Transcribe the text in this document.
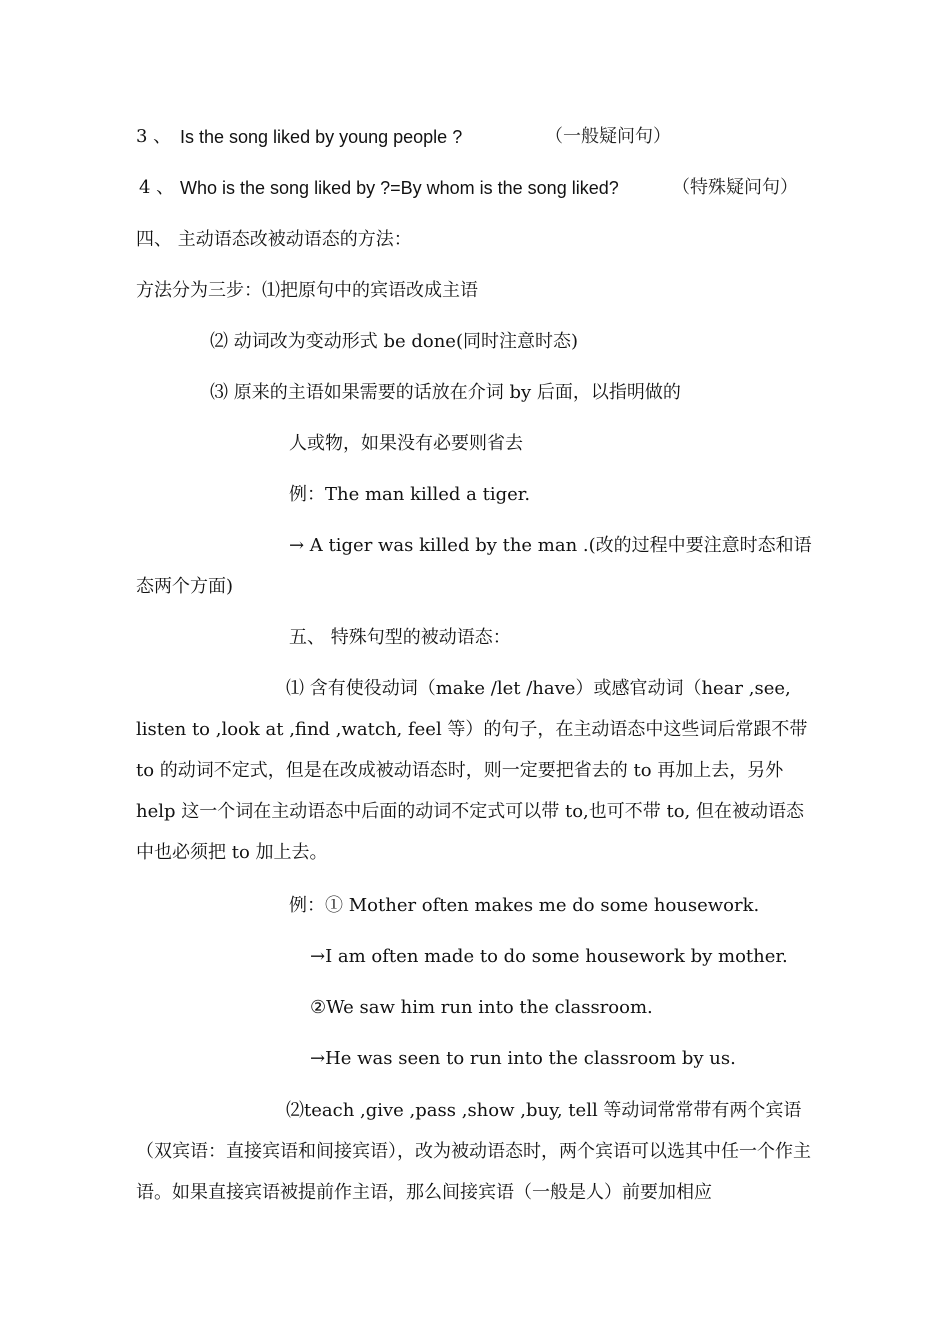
3 、 Is the song liked by young people ?	（一般疑问句）
4 、 Who is the song liked by ?=By whom is the song liked?	（特殊疑问句）
四、 主动语态改被动语态的方法：
方法分为三步：⑴把原句中的宾语改成主语
⑵ 动词改为变动形式 be done(同时注意时态)
⑶ 原来的主语如果需要的话放在介词 by 后面，以指明做的
人或物，如果没有必要则省去
例：The man killed a tiger.
→ A tiger was killed by the man .(改的过程中要注意时态和语
态两个方面)
五、 特殊句型的被动语态：
⑴ 含有使役动词（make /let /have）或感官动词（hear ,see, listen to ,look at ,find ,watch, feel 等）的句子，在主动语态中这些词后常跟不带 to 的动词不定式，但是在改成被动语态时，则一定要把省去的 to 再加上去，另外 help 这一个词在主动语态中后面的动词不定式可以带 to,也可不带 to, 但在被动语态中也必须把 to 加上去。
例：① Mother often makes me do some housework.
→I am often made to do some housework by mother.
②We saw him run into the classroom.
→He was seen to run into the classroom by us.
⑵teach ,give ,pass ,show ,buy, tell 等动词常常带有两个宾语（双宾语：直接宾语和间接宾语），改为被动语态时，两个宾语可以选其中任一个作主语。如果直接宾语被提前作主语，那么间接宾语（一般是人）前要加相应
